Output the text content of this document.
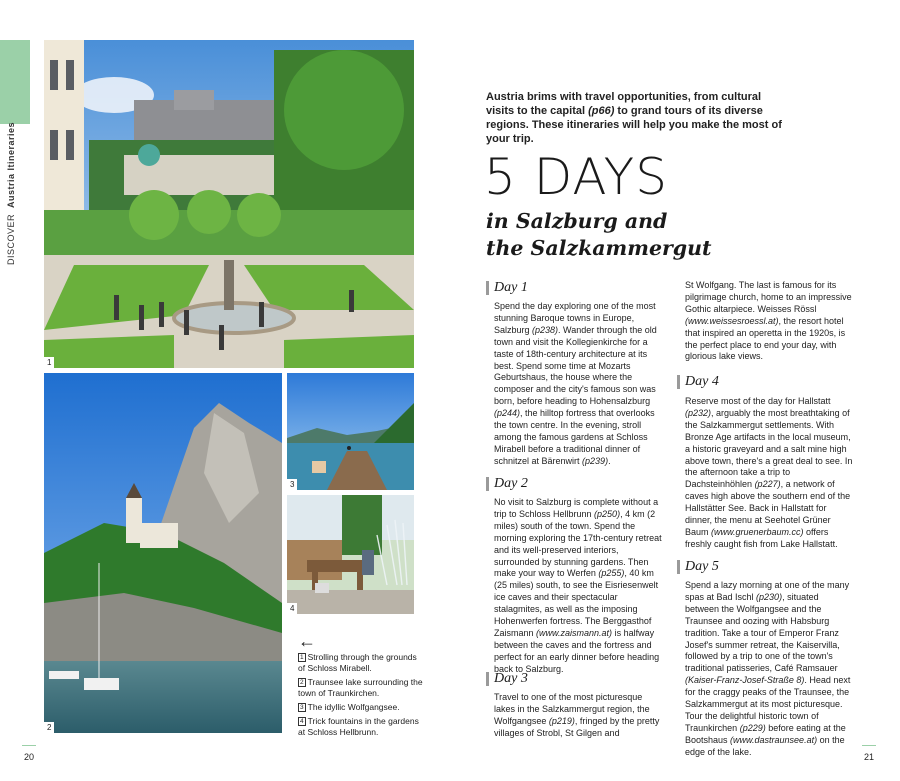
DISCOVER  Austria Itineraries
1
2
3
4
←
1 Strolling through the grounds of Schloss Mirabell.
2 Traunsee lake surrounding the town of Traunkirchen.
3 The idyllic Wolfgangsee.
4 Trick fountains in the gardens at Schloss Hellbrunn.
20	21
Austria brims with travel opportunities, from cultural visits to the capital (p66) to grand tours of its diverse regions. These itineraries will help you make the most of your trip.
5 DAYS
in Salzburg and
the Salzkammergut
Day 1
Day 2
Day 3
Day 4
Day 5
Spend the day exploring one of the most stunning Baroque towns in Europe, Salzburg (p238). Wander through the old town and visit the Kollegienkirche for a taste of 18th-century architecture at its best. Spend some time at Mozarts Geburtshaus, the house where the composer and the city's famous son was born, before heading to Hohensalzburg (p244), the hilltop fortress that overlooks the town centre. In the evening, stroll among the famous gardens at Schloss Mirabell before a traditional dinner of schnitzel at Bärenwirt (p239).
No visit to Salzburg is complete without a trip to Schloss Hellbrunn (p250), 4 km (2 miles) south of the town. Spend the morning exploring the 17th-century retreat and its well-preserved interiors, surrounded by stunning gardens. Then make your way to Werfen (p255), 40 km (25 miles) south, to see the Eisriesenwelt ice caves and their spectacular stalagmites, as well as the imposing Hohenwerfen fortress. The Berggasthof Zaismann (www.zaismann.at) is halfway between the caves and the fortress and perfect for an early dinner before heading back to Salzburg.
Travel to one of the most picturesque lakes in the Salzkammergut region, the Wolfgangsee (p219), fringed by the pretty villages of Strobl, St Gilgen and
St Wolfgang. The last is famous for its pilgrimage church, home to an impressive Gothic altarpiece. Weisses Rössl (www.weissesroessl.at), the resort hotel that inspired an operetta in the 1920s, is the perfect place to end your day, with glorious lake views.
Reserve most of the day for Hallstatt (p232), arguably the most breathtaking of the Salzkammergut settlements. With Bronze Age artifacts in the local museum, a historic graveyard and a salt mine high above town, there's a great deal to see. In the afternoon take a trip to Dachsteinhöhlen (p227), a network of caves high above the southern end of the Hallstätter See. Back in Hallstatt for dinner, the menu at Seehotel Grüner Baum (www.gruenerbaum.cc) offers freshly caught fish from Lake Hallstatt.
Spend a lazy morning at one of the many spas at Bad Ischl (p230), situated between the Wolfgangsee and the Traunsee and oozing with Habsburg tradition. Take a tour of Emperor Franz Josef's summer retreat, the Kaiservilla, followed by a trip to one of the town's traditional patisseries, Café Ramsauer (Kaiser-Franz-Josef-Straße 8). Head next for the craggy peaks of the Traunsee, the Salzkammergut at its most picturesque. Tour the delightful historic town of Traunkirchen (p229) before eating at the Bootshaus (www.dastraunsee.at) on the edge of the lake.
